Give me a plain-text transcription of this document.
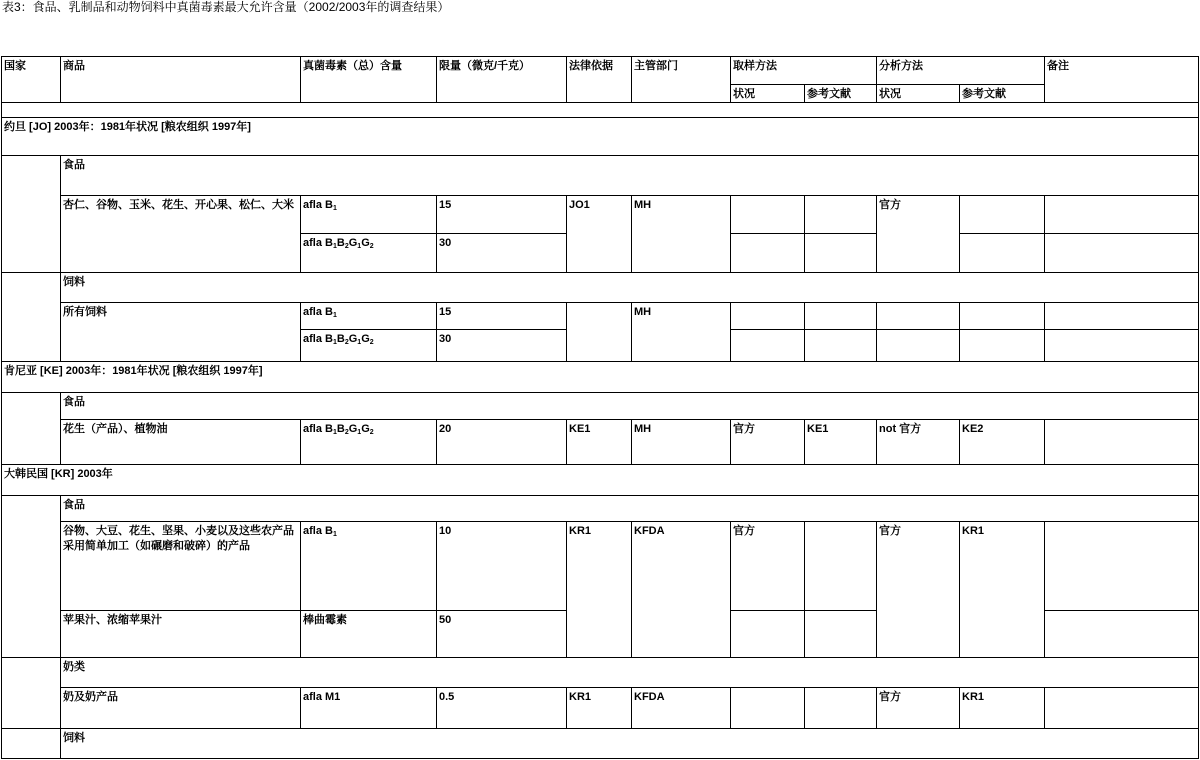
表3：食品、乳制品和动物饲料中真菌毒素最大允许含量（2002/2003年的调查结果）
国家	商品	真菌毒素（总）含量	限量（微克/千克）	法律依据	主管部门	取样方法		分析方法		备注
						状况	参考文献	状况	参考文献	

约旦 [JO] 2003年：1981年状况 [粮农组织 1997年]										
	食品									
	杏仁、谷物、玉米、花生、开心果、松仁、大米	afla $B_1$	15	JO1	MH			官方		
		afla $B_1B_2G_1G_2$	30							
	饲料									
	所有饲料	afla $B_1$	15		MH					
		afla $B_1B_2G_1G_2$	30							
肯尼亚 [KE] 2003年：1981年状况 [粮农组织 1997年]										
	食品									
	花生（产品）、植物油	afla $B_1B_2G_1G_2$	20	KE1	MH	官方	KE1	not 官方	KE2	
大韩民国 [KR] 2003年										
	食品									
	谷物、大豆、花生、坚果、小麦以及这些农产品采用简单加工（如碾磨和破碎）的产品	afla $B_1$	10	KR1	KFDA	官方		官方	KR1	
	苹果汁、浓缩苹果汁	棒曲霉素	50							
	奶类									
	奶及奶产品	afla M1	0.5	KR1	KFDA			官方	KR1	
	饲料									
